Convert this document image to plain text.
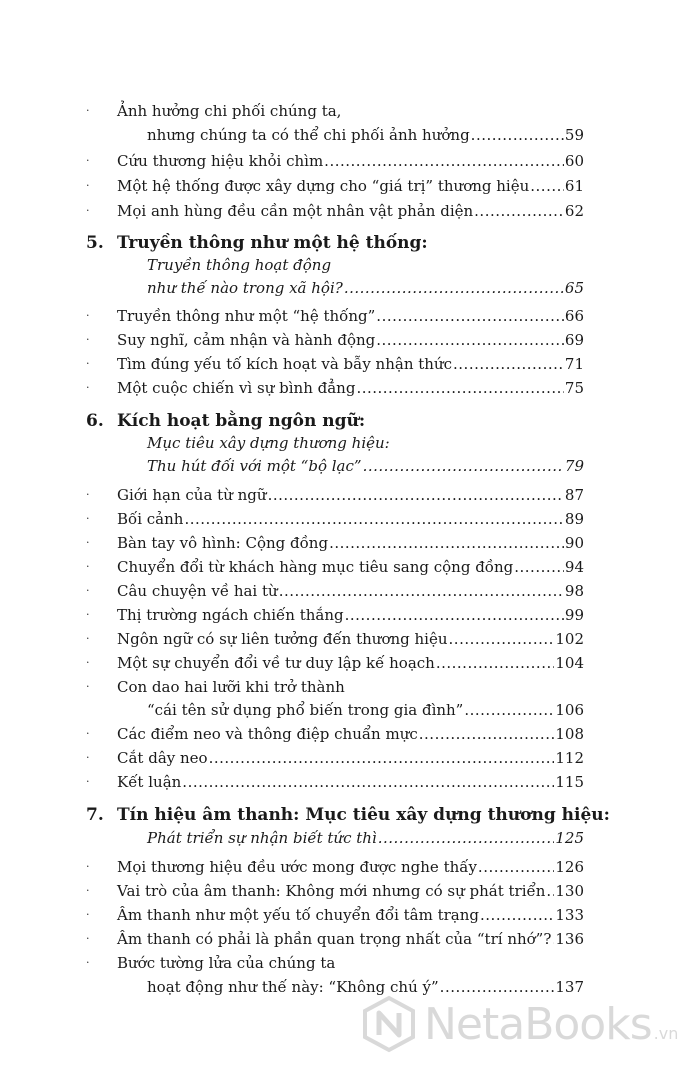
· Ảnh hưởng chi phối chúng ta,
nhưng chúng ta có thể chi phối ảnh hưởng .....	59
· Cứu thương hiệu khỏi chìm .....	60
· Một hệ thống được xây dựng cho “giá trị” thương hiệu ..... 61
· Mọi anh hùng đều cần một nhân vật phản diện .....	62
5. Truyền thông như một hệ thống:
Truyền thông hoạt động
như thế nào trong xã hội? .....	65
· Truyền thông như một “hệ thống” .....	66
· Suy nghĩ, cảm nhận và hành động .....	69
· Tìm đúng yếu tố kích hoạt và bẫy nhận thức .....	71
· Một cuộc chiến vì sự bình đẳng .....	75
6. Kích hoạt bằng ngôn ngữ:
Mục tiêu xây dựng thương hiệu:
Thu hút đối với một “bộ lạc” .....	79
· Giới hạn của từ ngữ .....	87
· Bối cảnh .....	89
· Bàn tay vô hình: Cộng đồng .....	90
· Chuyển đổi từ khách hàng mục tiêu sang cộng đồng .....	94
· Câu chuyện về hai từ .....	98
· Thị trường ngách chiến thắng .....	99
· Ngôn ngữ có sự liên tưởng đến thương hiệu .....	102
· Một sự chuyển đổi về tư duy lập kế hoạch .....	104
· Con dao hai lưỡi khi trở thành
“cái tên sử dụng phổ biến trong gia đình” .....	106
· Các điểm neo và thông điệp chuẩn mực .....	108
· Cắt dây neo .....	112
· Kết luận .....	115
7. Tín hiệu âm thanh: Mục tiêu xây dựng thương hiệu:
Phát triển sự nhận biết tức thì .....	125
· Mọi thương hiệu đều ước mong được nghe thấy .....	126
· Vai trò của âm thanh: Không mới nhưng có sự phát triển ..... 130
· Âm thanh như một yếu tố chuyển đổi tâm trạng .....	133
· Âm thanh có phải là phần quan trọng nhất của “trí nhớ”? ..... 136
· Bước tường lửa của chúng ta
hoạt động như thế này: “Không chú ý” .....	137
NetaBooks .vn
